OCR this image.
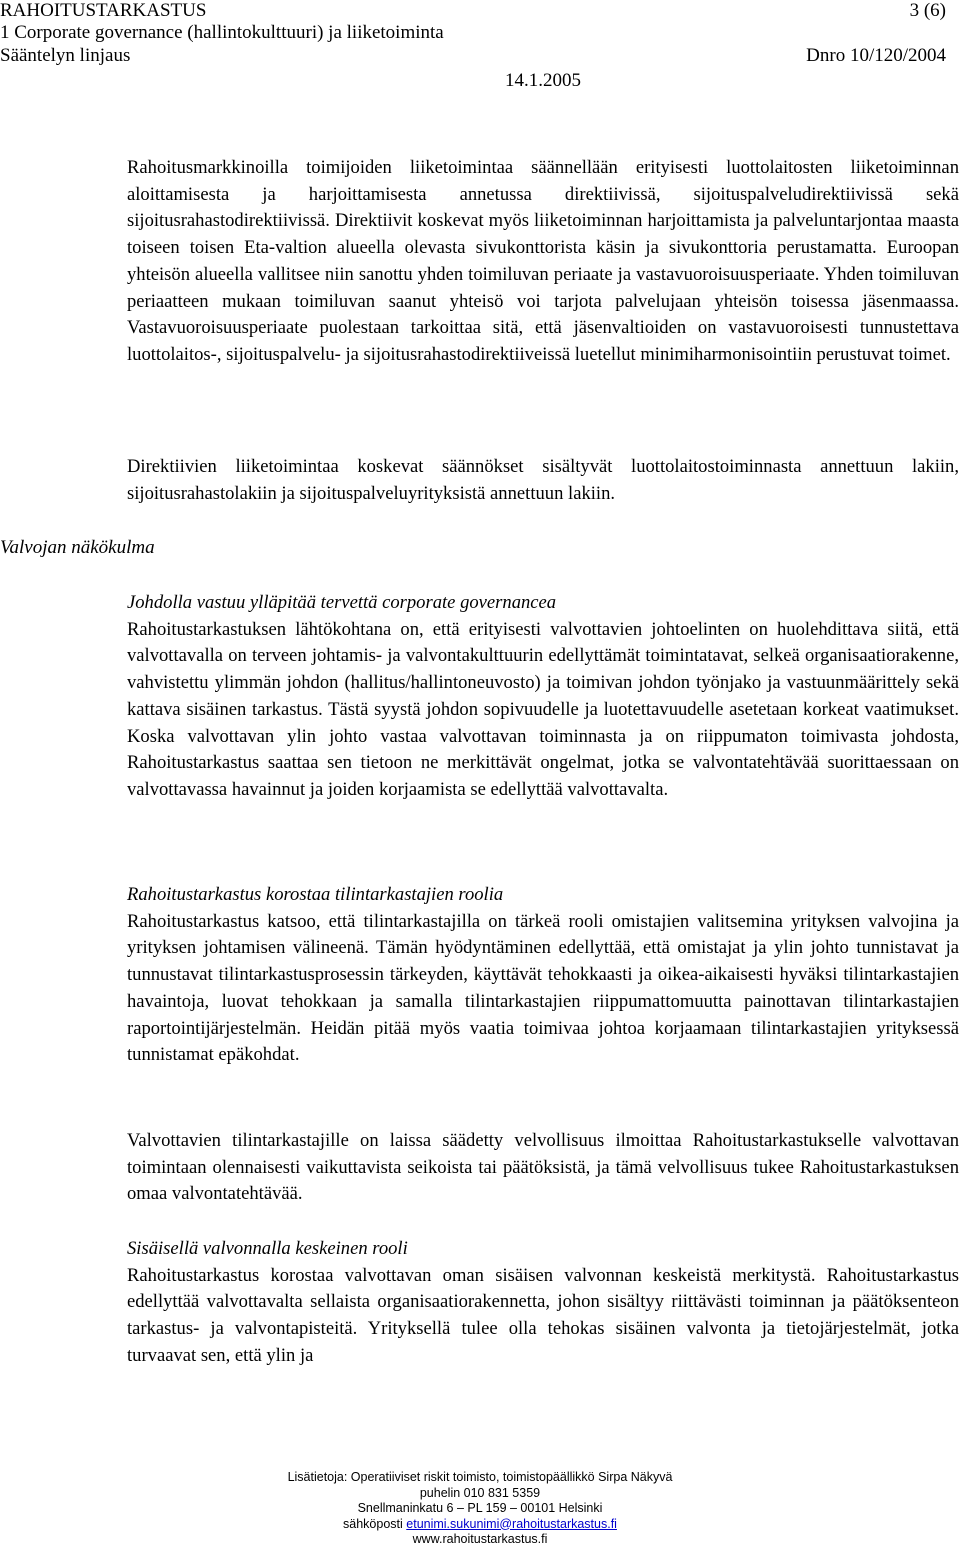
RAHOITUSTARKASTUS	3 (6)
1 Corporate governance (hallintokulttuuri) ja liiketoiminta
Sääntelyn linjaus	Dnro 10/120/2004
14.1.2005
Valvojan näkökulma

Rahoitusmarkkinoilla toimijoiden liiketoimintaa säännellään erityisesti luottolaitosten liiketoiminnan aloittamisesta ja harjoittamisesta annetussa direktiivissä, sijoituspalveludirektiivissä sekä sijoitusrahastodirektiivissä. Direktiivit koskevat myös liiketoiminnan harjoittamista ja palveluntarjontaa maasta toiseen toisen Eta-valtion alueella olevasta sivukonttorista käsin ja sivukonttoria perustamatta. Euroopan yhteisön alueella vallitsee niin sanottu yhden toimiluvan periaate ja vastavuoroisuusperiaate. Yhden toimiluvan periaatteen mukaan toimiluvan saanut yhteisö voi tarjota palvelujaan yhteisön toisessa jäsenmaassa. Vastavuoroisuusperiaate puolestaan tarkoittaa sitä, että jäsenvaltioiden on vastavuoroisesti tunnustettava luottolaitos-, sijoituspalvelu- ja sijoitusrahastodirektiiveissä luetellut minimiharmonisointiin perustuvat toimet.

Direktiivien liiketoimintaa koskevat säännökset sisältyvät luottolaitostoiminnasta annettuun lakiin, sijoitusrahastolakiin ja sijoituspalveluyrityksistä annettuun lakiin.

Johdolla vastuu ylläpitää tervettä corporate governancea

Rahoitustarkastuksen lähtökohtana on, että erityisesti valvottavien johtoelinten on huolehdittava siitä, että valvottavalla on terveen johtamis- ja valvontakulttuurin edellyttämät toimintatavat, selkeä organisaatiorakenne, vahvistettu ylimmän johdon (hallitus/hallintoneuvosto) ja toimivan johdon työnjako ja vastuunmäärittely sekä kattava sisäinen tarkastus. Tästä syystä johdon sopivuudelle ja luotettavuudelle asetetaan korkeat vaatimukset. Koska valvottavan ylin johto vastaa valvottavan toiminnasta ja on riippumaton toimivasta johdosta, Rahoitustarkastus saattaa sen tietoon ne merkittävät ongelmat, jotka se valvontatehtävää suorittaessaan on valvottavassa havainnut ja joiden korjaamista se edellyttää valvottavalta.

Rahoitustarkastus korostaa tilintarkastajien roolia

Rahoitustarkastus katsoo, että tilintarkastajilla on tärkeä rooli omistajien valitsemina yrityksen valvojina ja yrityksen johtamisen välineenä. Tämän hyödyntäminen edellyttää, että omistajat ja ylin johto tunnistavat ja tunnustavat tilintarkastusprosessin tärkeyden, käyttävät tehokkaasti ja oikea-aikaisesti hyväksi tilintarkastajien havaintoja, luovat tehokkaan ja samalla tilintarkastajien riippumattomuutta painottavan tilintarkastajien raportointijärjestelmän. Heidän pitää myös vaatia toimivaa johtoa korjaamaan tilintarkastajien yrityksessä tunnistamat epäkohdat.

Valvottavien tilintarkastajille on laissa säädetty velvollisuus ilmoittaa Rahoitustarkastukselle valvottavan toimintaan olennaisesti vaikuttavista seikoista tai päätöksistä, ja tämä velvollisuus tukee Rahoitustarkastuksen omaa valvontatehtävää.

Sisäisellä valvonnalla keskeinen rooli

Rahoitustarkastus korostaa valvottavan oman sisäisen valvonnan keskeistä merkitystä. Rahoitustarkastus edellyttää valvottavalta sellaista organisaatiorakennetta, johon sisältyy riittävästi toiminnan ja päätöksenteon tarkastus- ja valvontapisteitä. Yrityksellä tulee olla tehokas sisäinen valvonta ja tietojärjestelmät, jotka turvaavat sen, että ylin ja

Lisätietoja: Operatiiviset riskit toimisto, toimistopäällikkö Sirpa Näkyvä
puhelin 010 831 5359
Snellmaninkatu 6 – PL 159 – 00101 Helsinki
sähköposti etunimi.sukunimi@rahoitustarkastus.fi
www.rahoitustarkastus.fi
